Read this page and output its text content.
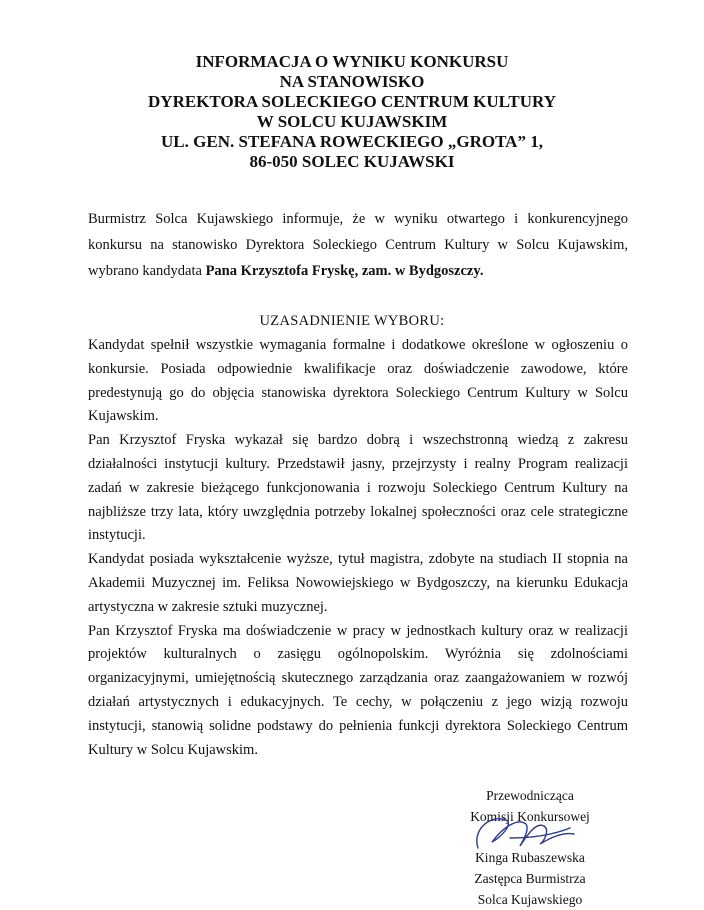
INFORMACJA O WYNIKU KONKURSU
NA STANOWISKO
DYREKTORA SOLECKIEGO CENTRUM KULTURY
W SOLCU KUJAWSKIM
UL. GEN. STEFANA ROWECKIEGO „GROTA” 1,
86-050 SOLEC KUJAWSKI

Burmistrz Solca Kujawskiego informuje, że w wyniku otwartego i konkurencyjnego konkursu na stanowisko Dyrektora Soleckiego Centrum Kultury w Solcu Kujawskim, wybrano kandydata Pana Krzysztofa Fryskę, zam. w Bydgoszczy.

UZASADNIENIE WYBORU:

Kandydat spełnił wszystkie wymagania formalne i dodatkowe określone w ogłoszeniu o konkursie. Posiada odpowiednie kwalifikacje oraz doświadczenie zawodowe, które predestynują go do objęcia stanowiska dyrektora Soleckiego Centrum Kultury w Solcu Kujawskim.

Pan Krzysztof Fryska wykazał się bardzo dobrą i wszechstronną wiedzą z zakresu działalności instytucji kultury. Przedstawił jasny, przejrzysty i realny Program realizacji zadań w zakresie bieżącego funkcjonowania i rozwoju Soleckiego Centrum Kultury na najbliższe trzy lata, który uwzględnia potrzeby lokalnej społeczności oraz cele strategiczne instytucji.

Kandydat posiada wykształcenie wyższe, tytuł magistra, zdobyte na studiach II stopnia na Akademii Muzycznej im. Feliksa Nowowiejskiego w Bydgoszczy, na kierunku Edukacja artystyczna w zakresie sztuki muzycznej.

Pan Krzysztof Fryska ma doświadczenie w pracy w jednostkach kultury oraz w realizacji projektów kulturalnych o zasięgu ogólnopolskim. Wyróżnia się zdolnościami organizacyjnymi, umiejętnością skutecznego zarządzania oraz zaangażowaniem w rozwój działań artystycznych i edukacyjnych. Te cechy, w połączeniu z jego wizją rozwoju instytucji, stanowią solidne podstawy do pełnienia funkcji dyrektora Soleckiego Centrum Kultury w Solcu Kujawskim.

Przewodnicząca
Komisji Konkursowej
Kinga Rubaszewska
Zastępca Burmistrza
Solca Kujawskiego
